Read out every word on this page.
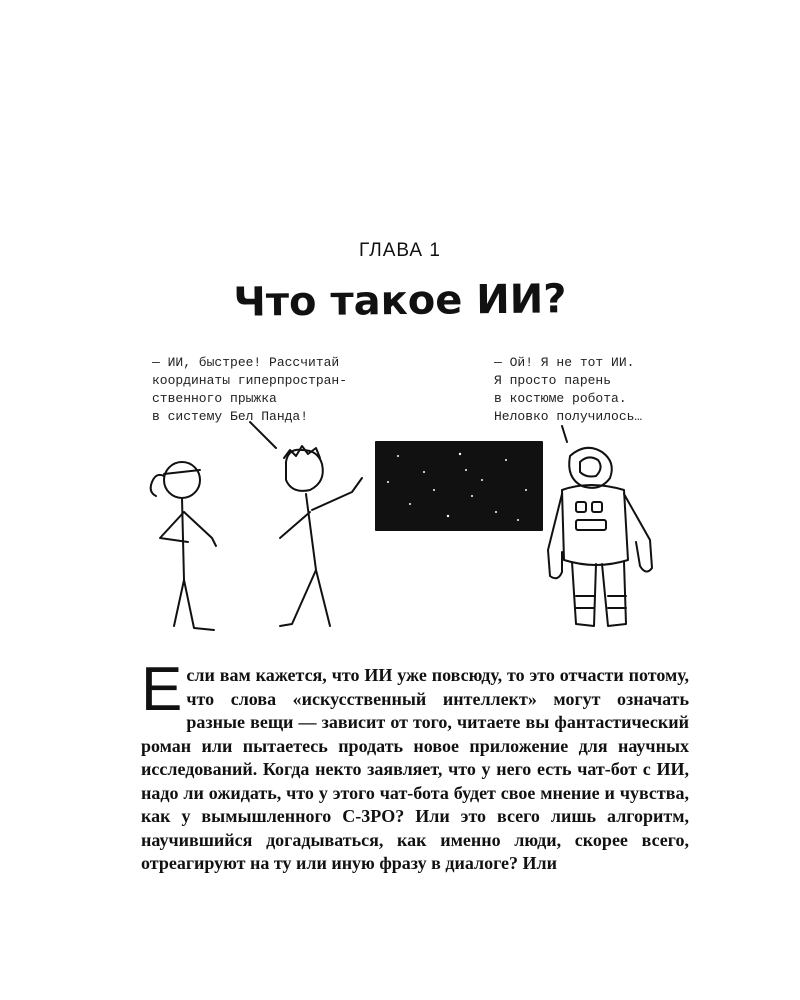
ГЛАВА 1
Что такое ИИ?
— ИИ, быстрее! Рассчитай
координаты гиперпростран-
ственного прыжка
в систему Бел Панда!
— Ой! Я не тот ИИ.
Я просто парень
в костюме робота.
Неловко получилось…
Если вам кажется, что ИИ уже повсюду, то это отчасти потому, что слова «искусственный интеллект» могут означать разные вещи — зависит от того, читаете вы фантастический роман или пытаетесь продать новое приложение для научных исследований. Когда некто заявляет, что у него есть чат-бот с ИИ, надо ли ожидать, что у этого чат-бота будет свое мнение и чувства, как у вымышленного С-3PO? Или это всего лишь алгоритм, научившийся догадываться, как именно люди, скорее всего, отреагируют на ту или иную фразу в диалоге? Или
